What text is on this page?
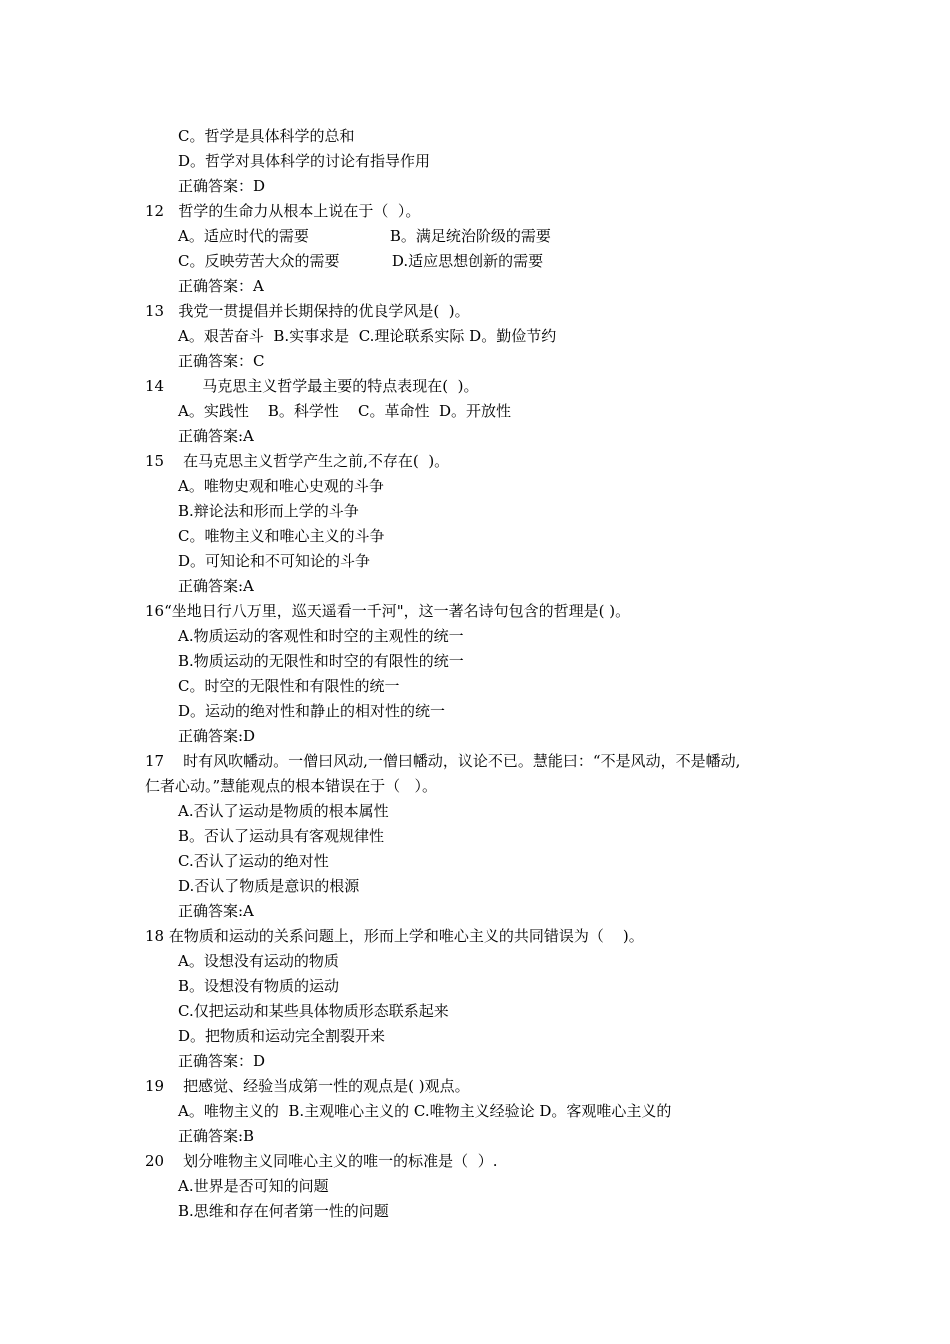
C。哲学是具体科学的总和
D。哲学对具体科学的讨论有指导作用
正确答案：D
12   哲学的生命力从根本上说在于（  ）。
A。适应时代的需要                 B。满足统治阶级的需要
C。反映劳苦大众的需要           D.适应思想创新的需要
正确答案：A
13   我党一贯提倡并长期保持的优良学风是(  )。
A。艰苦奋斗  B.实事求是  C.理论联系实际 D。勤俭节约
正确答案：C
14        马克思主义哲学最主要的特点表现在(  )。
A。实践性    B。科学性    C。革命性  D。开放性
正确答案:A
15    在马克思主义哲学产生之前,不存在(  )。
A。唯物史观和唯心史观的斗争
B.辩论法和形而上学的斗争
C。唯物主义和唯心主义的斗争
D。可知论和不可知论的斗争
正确答案:A
16“坐地日行八万里，巡天遥看一千河"，这一著名诗句包含的哲理是( )。
A.物质运动的客观性和时空的主观性的统一
B.物质运动的无限性和时空的有限性的统一
C。时空的无限性和有限性的统一
D。运动的绝对性和静止的相对性的统一
正确答案:D
17    时有风吹幡动。一僧曰风动,一僧曰幡动，议论不已。慧能曰：“不是风动，不是幡动,
仁者心动。”慧能观点的根本错误在于（   ）。
A.否认了运动是物质的根本属性
B。否认了运动具有客观规律性
C.否认了运动的绝对性
D.否认了物质是意识的根源
正确答案:A
18 在物质和运动的关系问题上，形而上学和唯心主义的共同错误为（    )。
A。设想没有运动的物质
B。设想没有物质的运动
C.仅把运动和某些具体物质形态联系起来
D。把物质和运动完全割裂开来
正确答案：D
19    把感觉、经验当成第一性的观点是( )观点。
A。唯物主义的  B.主观唯心主义的 C.唯物主义经验论 D。客观唯心主义的
正确答案:B
20    划分唯物主义同唯心主义的唯一的标准是（  ）.
A.世界是否可知的问题
B.思维和存在何者第一性的问题
